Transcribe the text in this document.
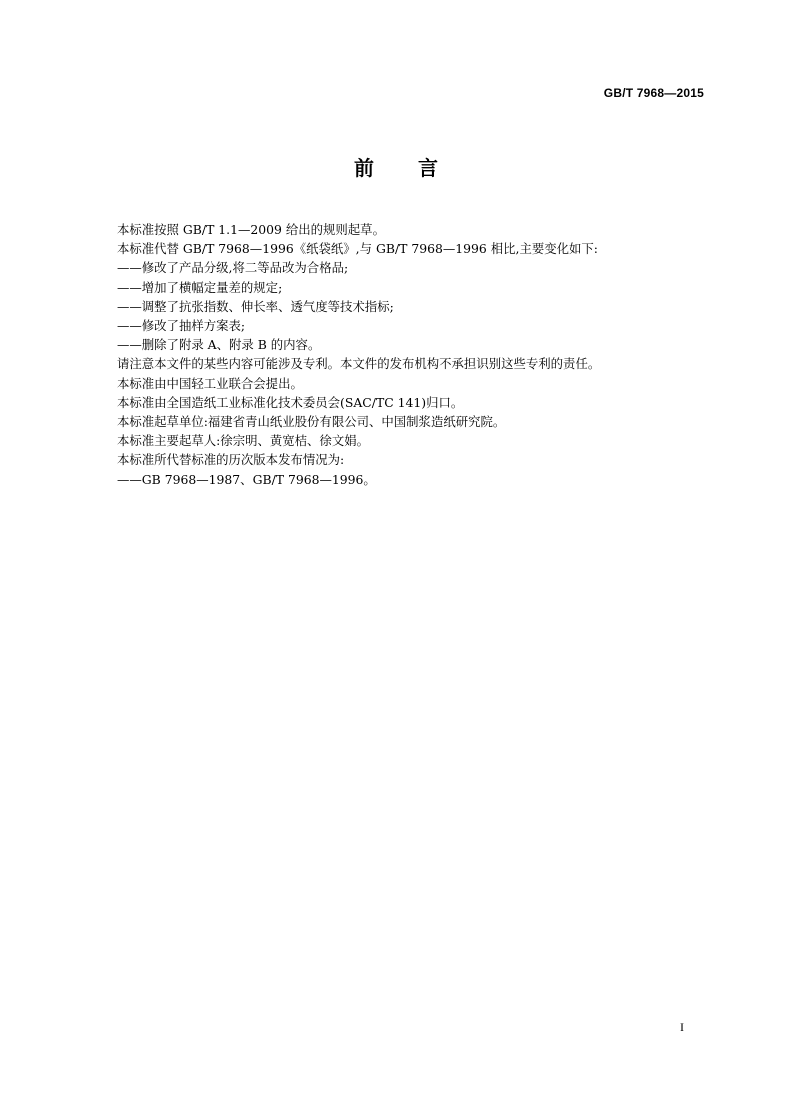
GB/T 7968—2015
前 言
本标准按照 GB/T 1.1—2009 给出的规则起草。
本标准代替 GB/T 7968—1996《纸袋纸》,与 GB/T 7968—1996 相比,主要变化如下:
——修改了产品分级,将二等品改为合格品;
——增加了横幅定量差的规定;
——调整了抗张指数、伸长率、透气度等技术指标;
——修改了抽样方案表;
——删除了附录 A、附录 B 的内容。
请注意本文件的某些内容可能涉及专利。本文件的发布机构不承担识别这些专利的责任。
本标准由中国轻工业联合会提出。
本标准由全国造纸工业标准化技术委员会(SAC/TC 141)归口。
本标准起草单位:福建省青山纸业股份有限公司、中国制浆造纸研究院。
本标准主要起草人:徐宗明、黄宽桔、徐文娟。
本标准所代替标准的历次版本发布情况为:
——GB 7968—1987、GB/T 7968—1996。
I
